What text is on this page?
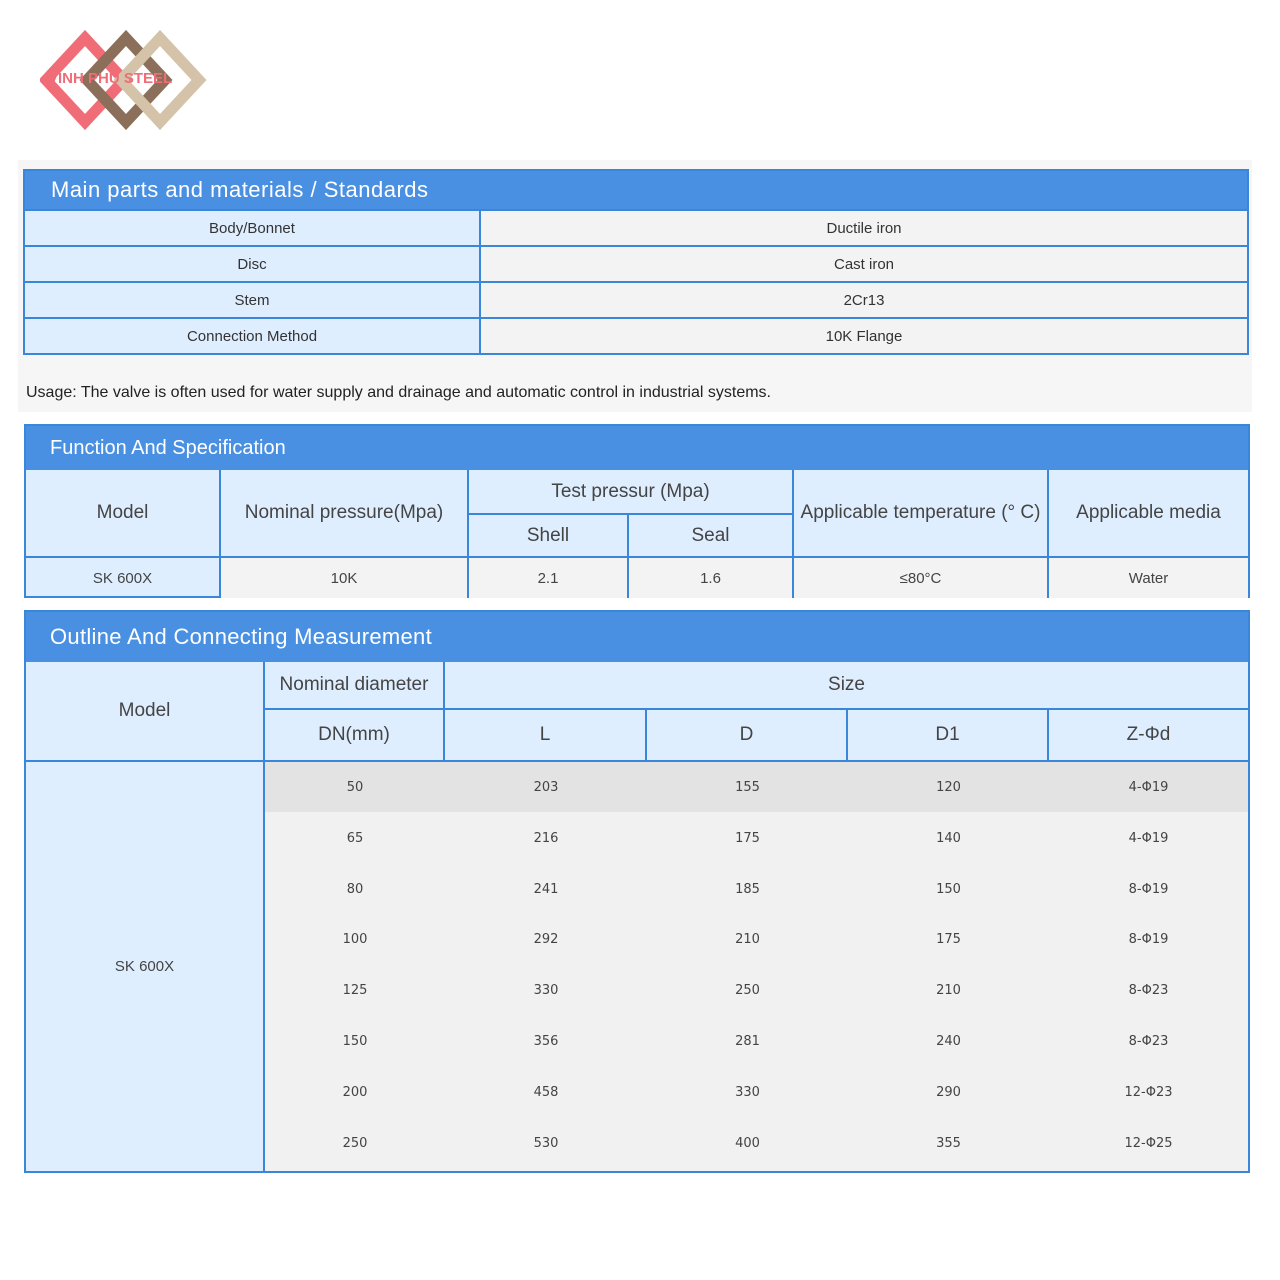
VINH PHU STEEL
Main parts and materials / Standards
Body/Bonnet	Ductile iron
Disc	Cast iron
Stem	2Cr13
Connection Method	10K Flange
Usage: The valve is often used for water supply and drainage and automatic control in industrial systems.
Function And Specification
Model	Nominal pressure(Mpa)
Test pressur (Mpa)
Shell	Seal
Applicable temperature (° C)	Applicable media
SK 600X	10K	2.1	1.6	≤80°C	Water
Outline And Connecting Measurement
Model
Nominal diameter	Size
DN(mm)	L	D	D1	Z-Φd
SK 600X
50	203	155	120	4-Φ19
65	216	175	140	4-Φ19
80	241	185	150	8-Φ19
100	292	210	175	8-Φ19
125	330	250	210	8-Φ23
150	356	281	240	8-Φ23
200	458	330	290	12-Φ23
250	530	400	355	12-Φ25
